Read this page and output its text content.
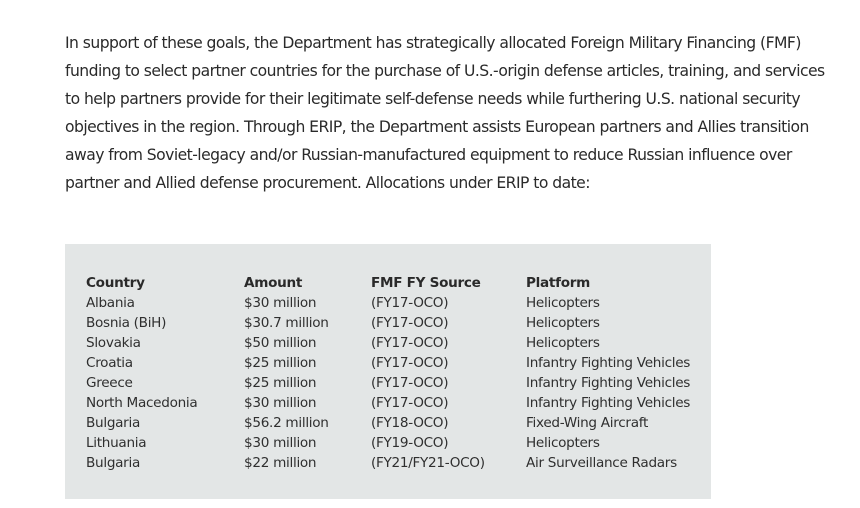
In support of these goals, the Department has strategically allocated Foreign Military Financing (FMF) funding to select partner countries for the purchase of U.S.-origin defense articles, training, and services to help partners provide for their legitimate self-defense needs while furthering U.S. national security objectives in the region. Through ERIP, the Department assists European partners and Allies transition away from Soviet-legacy and/or Russian-manufactured equipment to reduce Russian influence over partner and Allied defense procurement. Allocations under ERIP to date:

Country	Amount	FMF FY Source	Platform
Albania	$30 million	(FY17-OCO)	Helicopters
Bosnia (BiH)	$30.7 million	(FY17-OCO)	Helicopters
Slovakia	$50 million	(FY17-OCO)	Helicopters
Croatia	$25 million	(FY17-OCO)	Infantry Fighting Vehicles
Greece	$25 million	(FY17-OCO)	Infantry Fighting Vehicles
North Macedonia	$30 million	(FY17-OCO)	Infantry Fighting Vehicles
Bulgaria	$56.2 million	(FY18-OCO)	Fixed-Wing Aircraft
Lithuania	$30 million	(FY19-OCO)	Helicopters
Bulgaria	$22 million	(FY21/FY21-OCO)	Air Surveillance Radars
